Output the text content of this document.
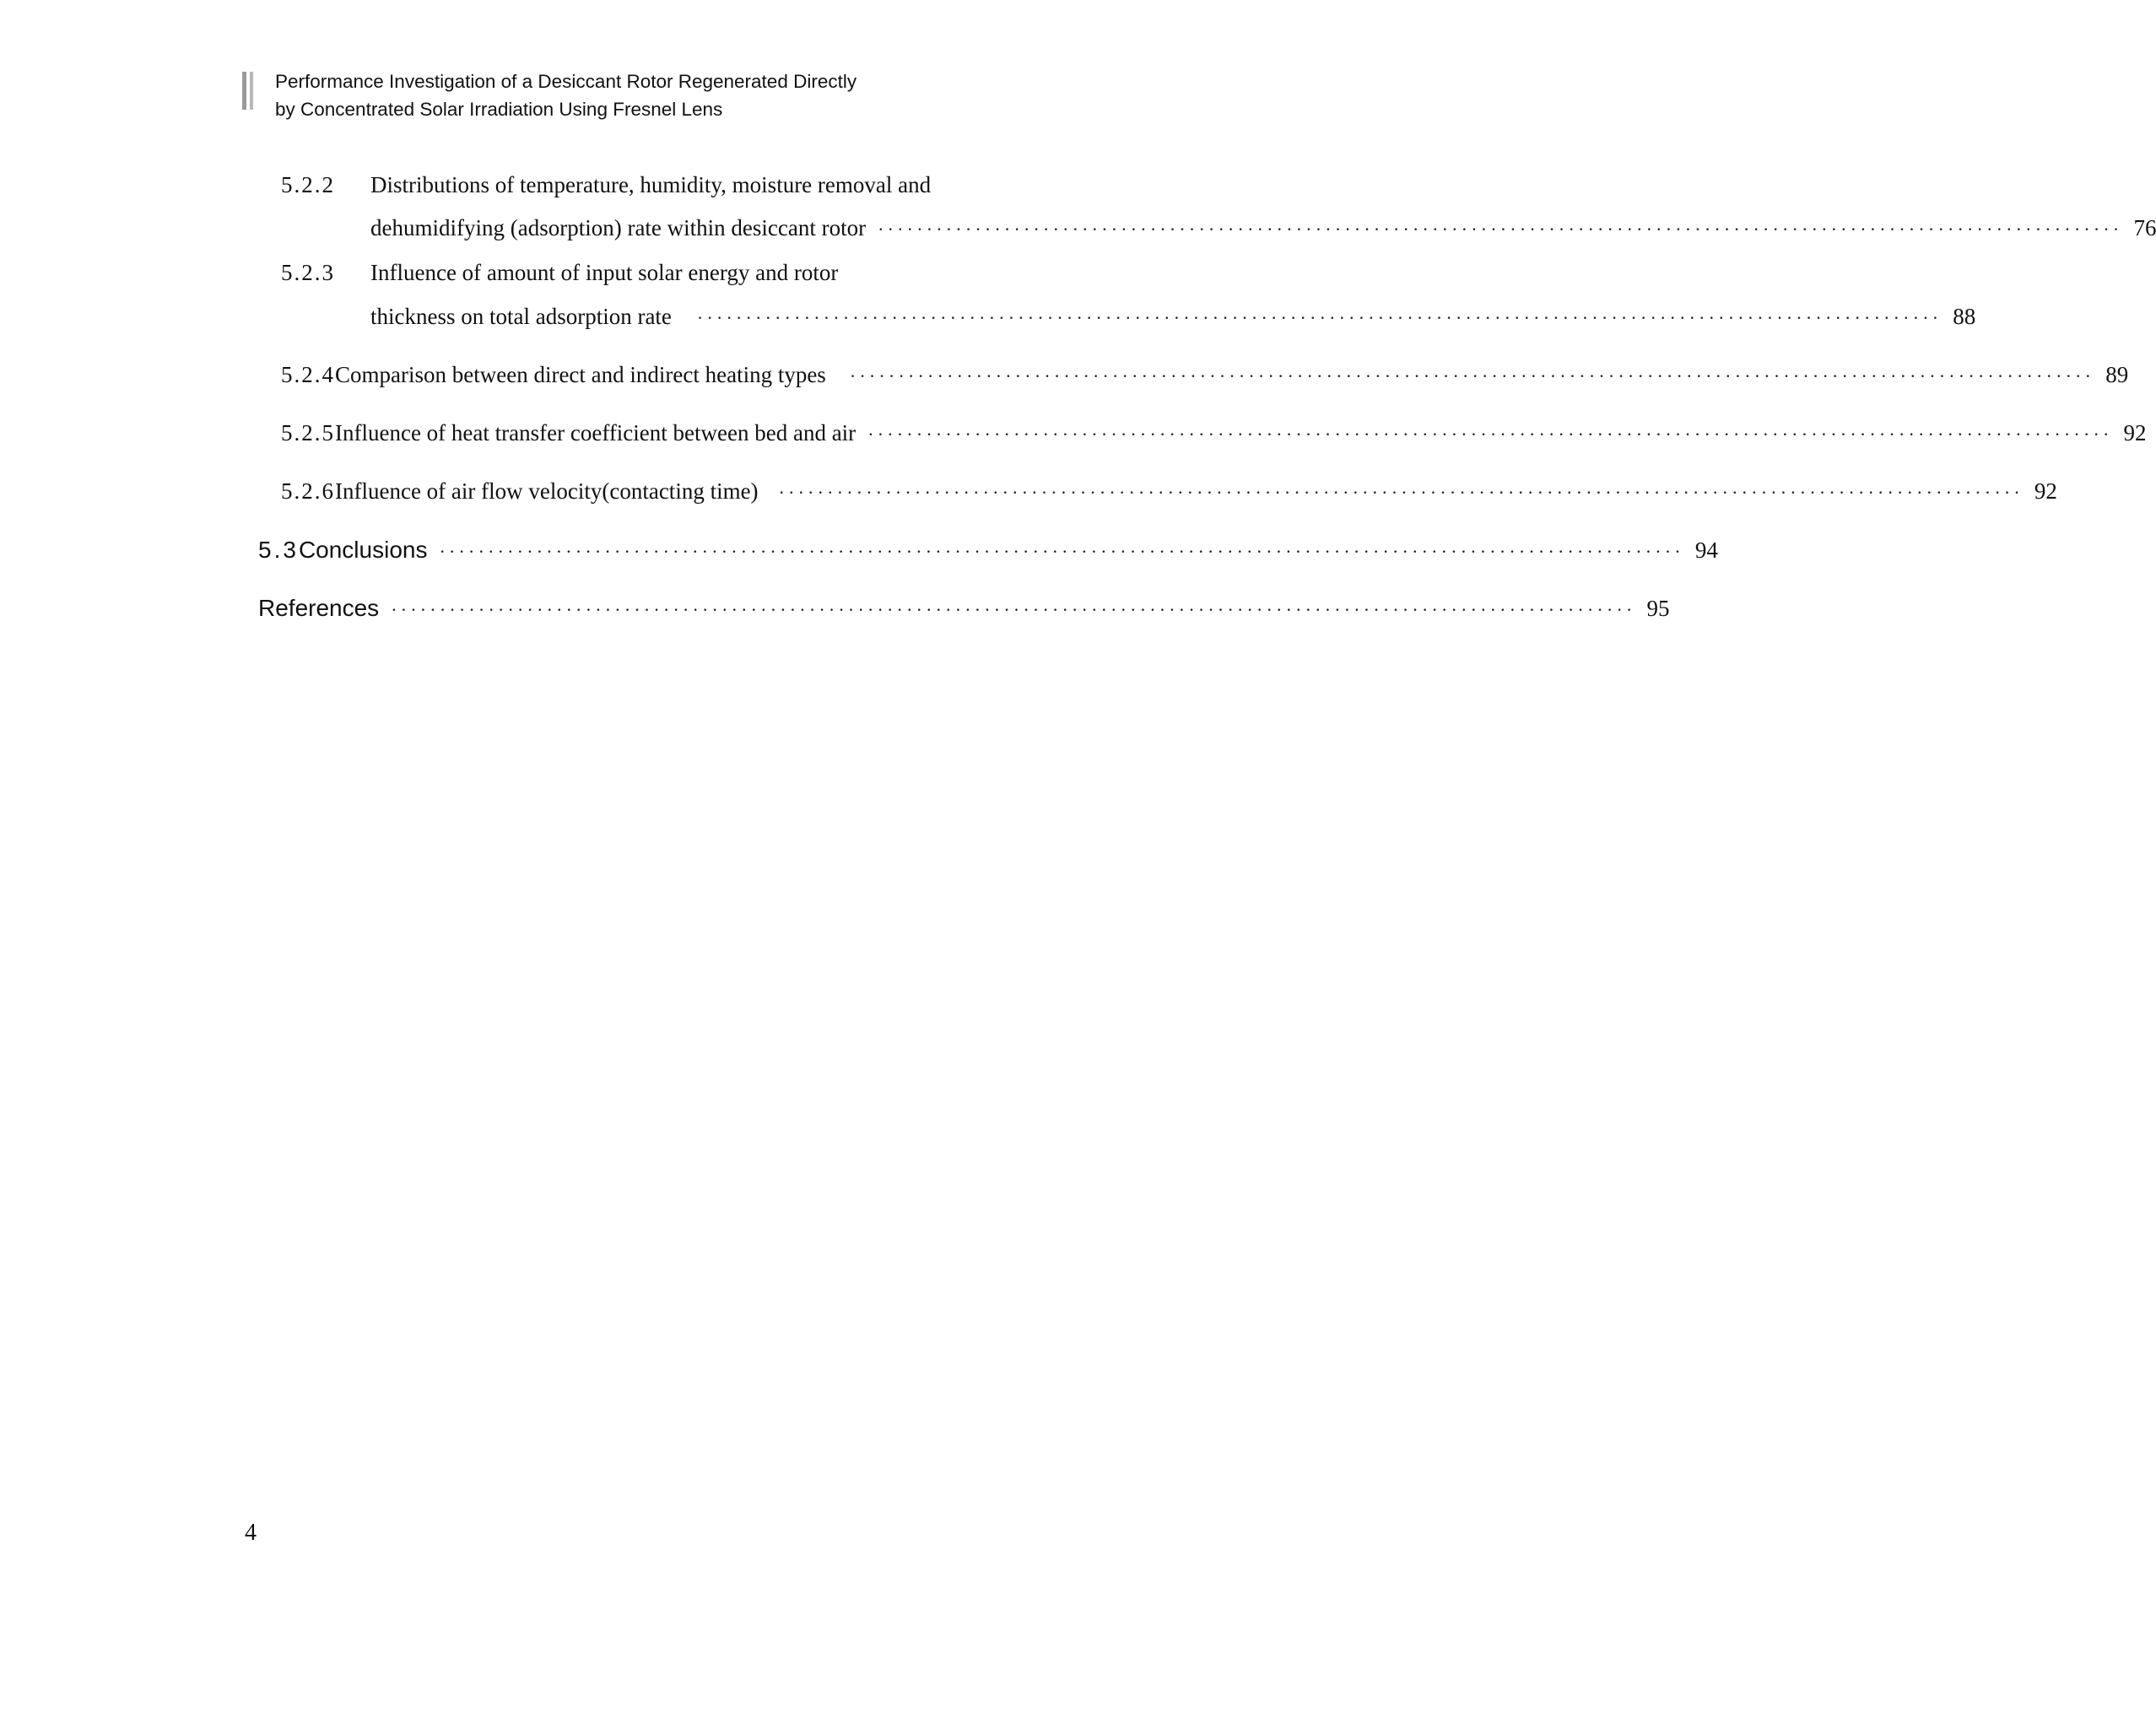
Performance Investigation of a Desiccant Rotor Regenerated Directly
by Concentrated Solar Irradiation Using Fresnel Lens
5.2.2	Distributions of temperature, humidity, moisture removal and
dehumidifying (adsorption) rate within desiccant rotor ································································································································ 76
5.2.3	Influence of amount of input solar energy and rotor
thickness on total adsorption rate ································································································································ 88
5.2.4 Comparison between direct and indirect heating types ································································································································ 89
5.2.5 Influence of heat transfer coefficient between bed and air ································································································································ 92
5.2.6 Influence of air flow velocity(contacting time) ································································································································ 92
5.3 Conclusions ································································································································ 94
References ································································································································ 95
4
